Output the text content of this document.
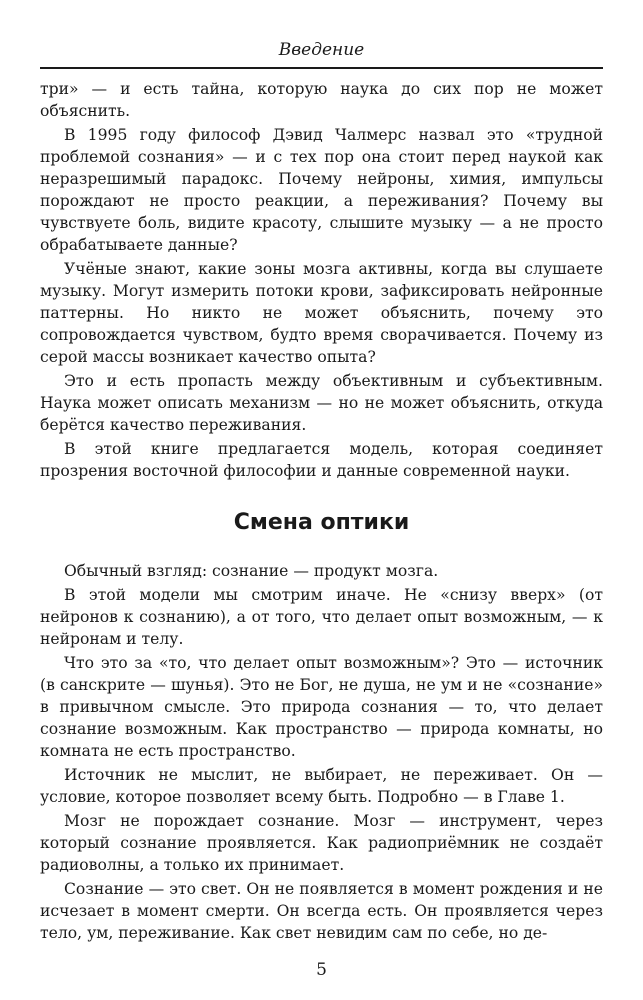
Введение

три» — и есть тайна, которую наука до сих пор не может объяснить.

В 1995 году философ Дэвид Чалмерс назвал это «трудной проблемой сознания» — и с тех пор она стоит перед наукой как неразрешимый парадокс. Почему нейроны, химия, импульсы порождают не просто реакции, а переживания? Почему вы чувствуете боль, видите красоту, слышите музыку — а не просто обрабатываете данные?

Учёные знают, какие зоны мозга активны, когда вы слушаете музыку. Могут измерить потоки крови, зафиксировать нейронные паттерны. Но никто не может объяснить, почему это сопровождается чувством, будто время сворачивается. Почему из серой массы возникает качество опыта?

Это и есть пропасть между объективным и субъективным. Наука может описать механизм — но не может объяснить, откуда берётся качество переживания.

В этой книге предлагается модель, которая соединяет прозрения восточной философии и данные современной науки.

Смена оптики

Обычный взгляд: сознание — продукт мозга.

В этой модели мы смотрим иначе. Не «снизу вверх» (от нейронов к сознанию), а от того, что делает опыт возможным, — к нейронам и телу.

Что это за «то, что делает опыт возможным»? Это — источник (в санскрите — шунья). Это не Бог, не душа, не ум и не «сознание» в привычном смысле. Это природа сознания — то, что делает сознание возможным. Как пространство — природа комнаты, но комната не есть пространство.

Источник не мыслит, не выбирает, не переживает. Он — условие, которое позволяет всему быть. Подробно — в Главе 1.

Мозг не порождает сознание. Мозг — инструмент, через который сознание проявляется. Как радиоприёмник не создаёт радиоволны, а только их принимает.

Сознание — это свет. Он не появляется в момент рождения и не исчезает в момент смерти. Он всегда есть. Он проявляется через тело, ум, переживание. Как свет невидим сам по себе, но де-

5
